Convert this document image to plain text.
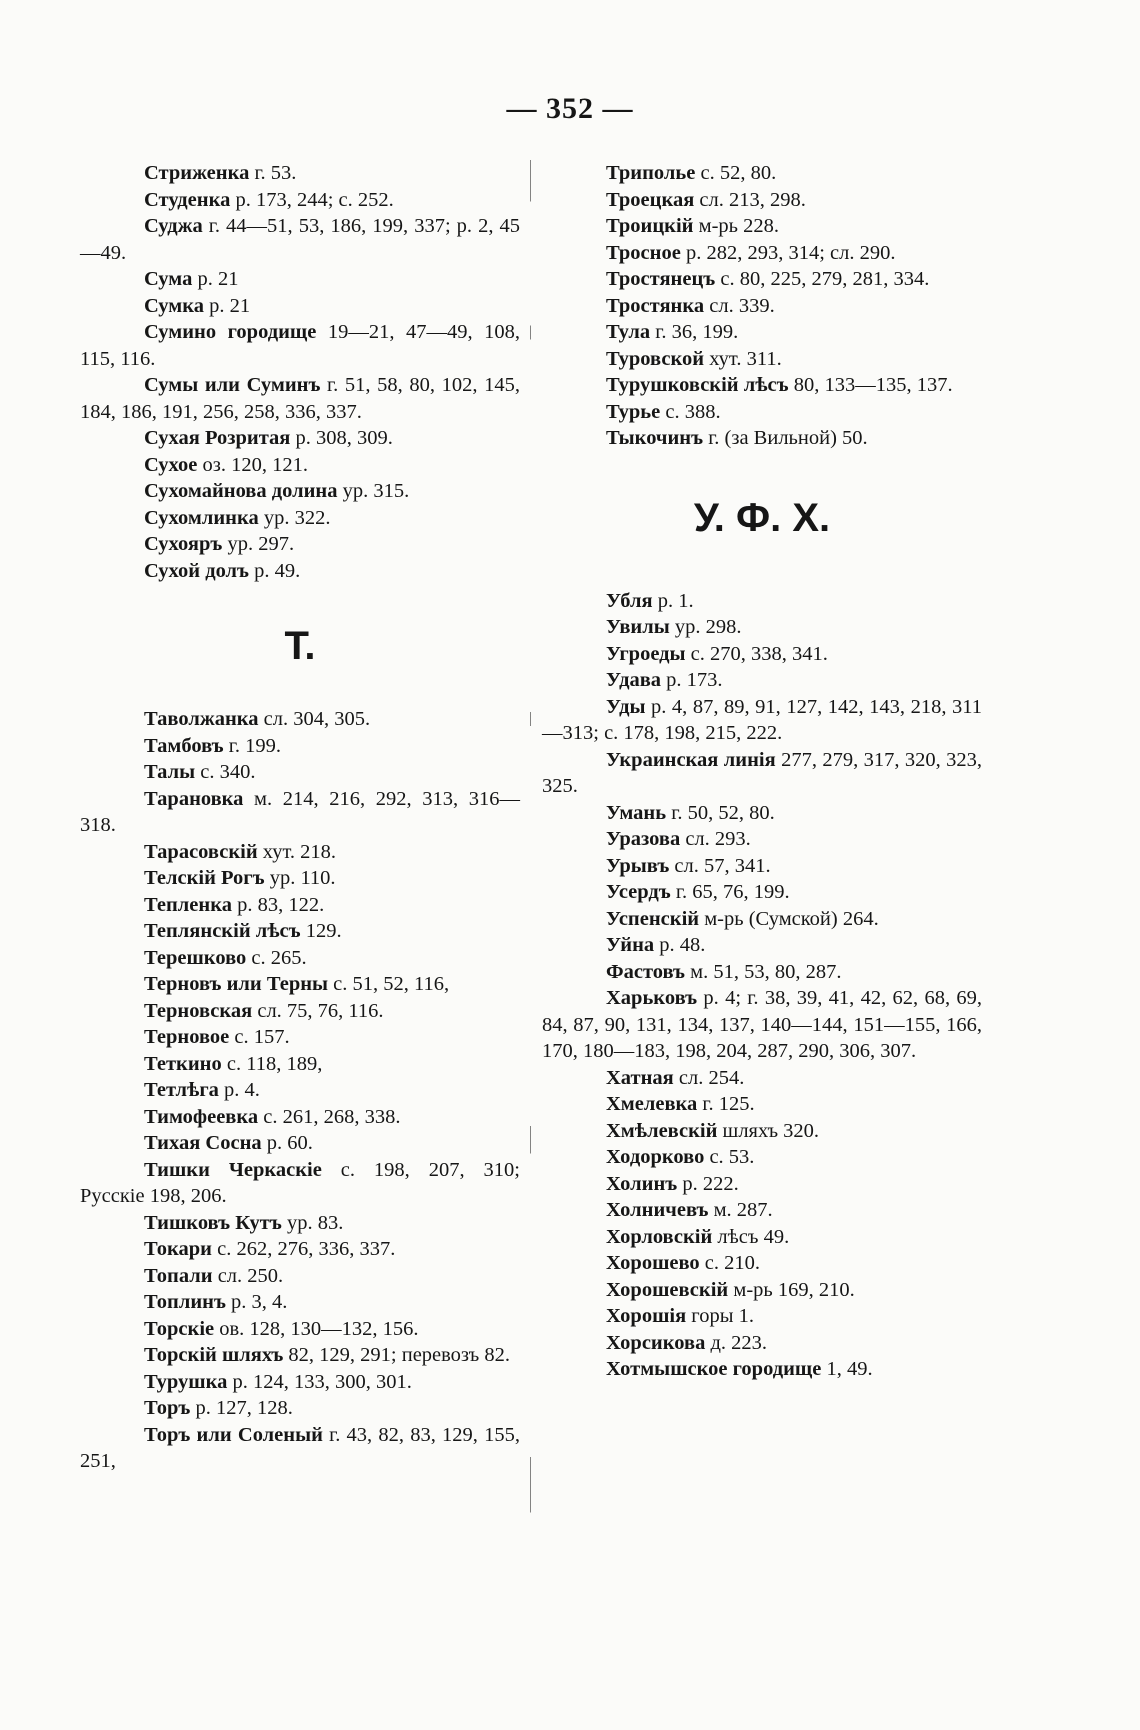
— 352 —

Стриженка г. 53.

Студенка р. 173, 244; с. 252.

Суджа г. 44—51, 53, 186, 199, 337; р. 2, 45—49.

Сума р. 21

Сумка р. 21

Сумино городище 19—21, 47—49, 108, 115, 116.

Сумы или Суминъ г. 51, 58, 80, 102, 145, 184, 186, 191, 256, 258, 336, 337.

Сухая Розритая р. 308, 309.

Сухое оз. 120, 121.

Сухомайнова долина ур. 315.

Сухомлинка ур. 322.

Сухояръ ур. 297.

Сухой долъ р. 49.

Т.

Таволжанка сл. 304, 305.

Тамбовъ г. 199.

Талы с. 340.

Тарановка м. 214, 216, 292, 313, 316—318.

Тарасовскій хут. 218.

Телскій Рогъ ур. 110.

Тепленка р. 83, 122.

Теплянскій лѣсъ 129.

Терешково с. 265.

Терновъ или Терны с. 51, 52, 116,

Терновская сл. 75, 76, 116.

Терновое с. 157.

Теткино с. 118, 189,

Тетлѣга р. 4.

Тимофеевка с. 261, 268, 338.

Тихая Сосна р. 60.

Тишки Черкаскіе с. 198, 207, 310; Русскіе 198, 206.

Тишковъ Кутъ ур. 83.

Токари с. 262, 276, 336, 337.

Топали сл. 250.

Топлинъ р. 3, 4.

Торскіе ов. 128, 130—132, 156.

Торскій шляхъ 82, 129, 291; перевозъ 82.

Турушка р. 124, 133, 300, 301.

Торъ р. 127, 128.

Торъ или Соленый г. 43, 82, 83, 129, 155, 251,

Триполье с. 52, 80.

Троецкая сл. 213, 298.

Троицкій м-рь 228.

Тросное р. 282, 293, 314; сл. 290.

Тростянецъ с. 80, 225, 279, 281, 334.

Тростянка сл. 339.

Тула г. 36, 199.

Туровской хут. 311.

Турушковскій лѣсъ 80, 133—135, 137.

Турье с. 388.

Тыкочинъ г. (за Вильной) 50.

У. Ф. Х.

Убля р. 1.

Увилы ур. 298.

Угроеды с. 270, 338, 341.

Удава р. 173.

Уды р. 4, 87, 89, 91, 127, 142, 143, 218, 311—313; с. 178, 198, 215, 222.

Украинская линія 277, 279, 317, 320, 323, 325.

Умань г. 50, 52, 80.

Уразова сл. 293.

Урывъ сл. 57, 341.

Усердъ г. 65, 76, 199.

Успенскій м-рь (Сумской) 264.

Уйна р. 48.

Фастовъ м. 51, 53, 80, 287.

Харьковъ р. 4; г. 38, 39, 41, 42, 62, 68, 69, 84, 87, 90, 131, 134, 137, 140—144, 151—155, 166, 170, 180—183, 198, 204, 287, 290, 306, 307.

Хатная сл. 254.

Хмелевка г. 125.

Хмѣлевскій шляхъ 320.

Ходорково с. 53.

Холинъ р. 222.

Холничевъ м. 287.

Хорловскій лѣсъ 49.

Хорошево с. 210.

Хорошевскій м-рь 169, 210.

Хорошія горы 1.

Хорсикова д. 223.

Хотмышское городище 1, 49.
